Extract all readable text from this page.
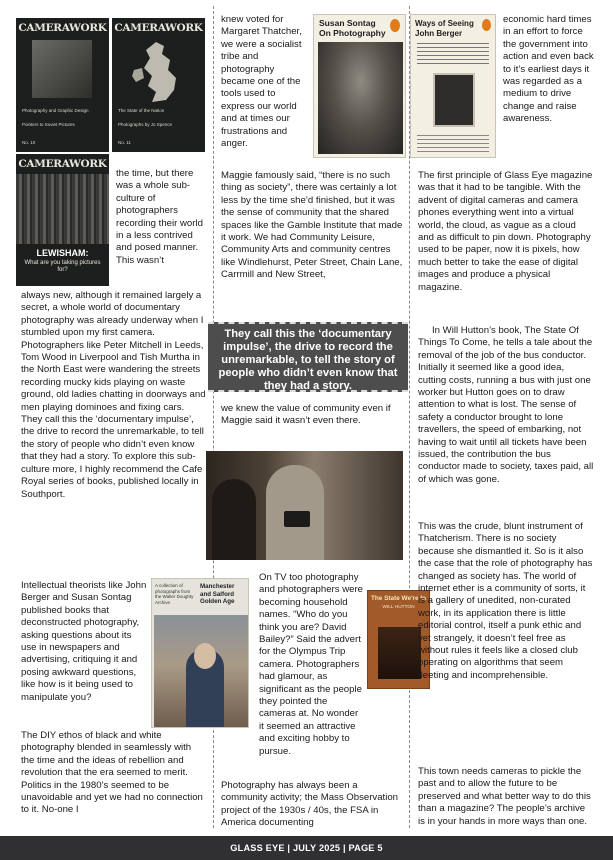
CAMERAWORK
Photography and Graphic Design
Pointers to Soviet Pictures
No. 10
CAMERAWORK
The State of the Nation
Photographs by Jo Spence
No. 11
CAMERAWORK
LEWISHAM:
What are you taking pictures for?
the time, but there was a whole sub-culture of photographers recording their world in a less contrived and posed manner. This wasn’t
always new, although it remained largely a secret, a whole world of documentary photography was already underway when I stumbled upon my first camera. Photographers like Peter Mitchell in Leeds, Tom Wood in Liverpool and Tish Murtha in the North East were wandering the streets recording mucky kids playing on waste ground, old ladies chatting in doorways and men playing dominoes and fixing cars. They call this the ‘documentary impulse’, the drive to record the unremarkable, to tell the story of people who didn’t even know that they had a story. To explore this sub-culture more, I highly recommend the Cafe Royal series of books, published locally in Southport.
Intellectual theorists like John Berger and Susan Sontag published books that deconstructed photography, asking questions about its use in newspapers and advertising, critiquing it and posing awkward questions, like how is it being used to manipulate you?
The DIY ethos of black and white photography blended in seamlessly with the time and the ideas of rebellion and revolution that the era seemed to merit. Politics in the 1980’s seemed to be unavoidable and yet we had no connection to it. No-one I
Susan Sontag On Photography
Ways of Seeing John Berger
knew voted for Margaret Thatcher, we were a socialist tribe and photography became one of the tools used to express our world and at times our frustrations and anger.
Maggie famously said, “there is no such thing as society”, there was certainly a lot less by the time she’d finished, but it was the sense of community that the shared spaces like the Gamble Institute that made it work. We had Community Leisure, Community Arts and community centres like Windlehurst, Peter Street, Chain Lane, Carrmill and New Street,
They call this the ‘documentary impulse’, the drive to record the unremarkable, to tell the story of people who didn’t even know that they had a story.
we knew the value of community even if Maggie said it wasn’t even there.
A collection of photographs from the Walter Doughty Archive
Manchester and Salford Golden Age
On TV too photography and photographers were becoming household names. “Who do you think you are? David Bailey?” Said the advert for the Olympus Trip camera. Photographers had glamour, as significant as the people they pointed the cameras at. No wonder it seemed an attractive and exciting hobby to pursue.
Photography has always been a community activity; the Mass Observation project of the 1930s / 40s, the FSA in America documenting
The State We're In
WILL HUTTON
economic hard times in an effort to force the government into action and even back to it’s earliest days it was regarded as a medium to drive change and raise awareness.
The first principle of Glass Eye magazine was that it had to be tangible. With the advent of digital cameras and camera phones everything went into a virtual world, the cloud, as vague as a cloud and as difficult to pin down. Photography used to be paper, now it is pixels, how much better to take the ease of digital images and produce a physical magazine.
In Will Hutton’s book, The State Of Things To Come, he tells a tale about the removal of the job of the bus conductor. Initially it seemed like a good idea, cutting costs, running a bus with just one worker but Hutton goes on to draw attention to what is lost. The sense of safety a conductor brought to lone travellers, the speed of embarking, not having to wait until all tickets have been issued, the contribution the bus conductor made to society, taxes paid, all of which was gone.
This was the crude, blunt instrument of Thatcherism. There is no society because she dismantled it. So is it also the case that the role of photography has changed as society has. The world of internet ether is a community of sorts, it is a gallery of unedited, non-curated work, in its application there is little editorial control, itself a punk ethic and yet strangely, it doesn’t feel free as without rules it feels like a closed club operating on algorithms that seem fleeting and incomprehensible.
This town needs cameras to pickle the past and to allow the future to be preserved and what better way to do this than a magazine? The people’s archive is in your hands in more ways than one.
GLASS EYE | JULY 2025 | PAGE 5
